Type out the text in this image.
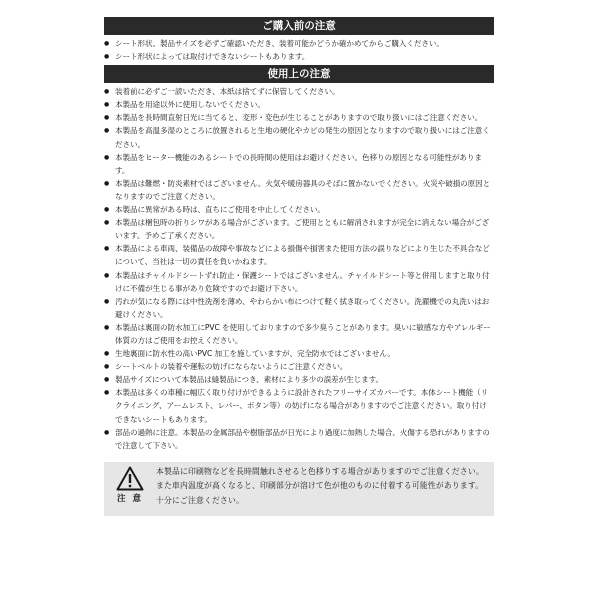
ご購入前の注意
● シート形状、製品サイズを必ずご確認いただき、装着可能かどうか確かめてからご購入ください。
● シート形状によっては取付けできないシートもあります。
使用上の注意
● 装着前に必ずご一読いただき、本紙は捨てずに保管してください。
● 本製品を用途以外に使用しないでください。
● 本製品を長時間直射日光に当てると、変形・変色が生じることがありますので取り扱いにはご注意ください。
● 本製品を高温多湿のところに放置されると生地の硬化やカビの発生の原因となりますので取り扱いにはご注意ください。
● 本製品をヒーター機能のあるシートでの長時間の使用はお避けください。色移りの原因となる可能性があります。
● 本製品は難燃・防炎素材ではございません。火気や暖房器具のそばに置かないでください。火災や破損の原因となりますのでご注意ください。
● 本製品に異常がある時は、直ちにご使用を中止してください。
● 本製品は梱包時の折りシワがある場合がございます。ご使用とともに解消されますが完全に消えない場合がございます。予めご了承ください。
● 本製品による車両、装備品の故障や事故などによる損傷や損害また使用方法の誤りなどにより生じた不具合などについて、当社は一切の責任を負いかねます。
● 本製品はチャイルドシートずれ防止・保護シートではございません。チャイルドシート等と併用しますと取り付けに不備が生じる事があり危険ですのでお避け下さい。
● 汚れが気になる際には中性洗剤を薄め、やわらかい布につけて軽く拭き取ってください。洗濯機での丸洗いはお避けください。
● 本製品は裏面の防水加工にPVC を使用しておりますので多少臭うことがあります。臭いに敏感な方やアレルギー体質の方はご使用をお控えください。
● 生地裏面に防水性の高いPVC 加工を施していますが、完全防水ではございません。
● シートベルトの装着や運転の妨げにならないようにご注意ください。
● 製品サイズについて本製品は縫製品につき、素材により多少の誤差が生じます。
● 本製品は多くの車種に幅広く取り付けができるように設計されたフリーサイズカバーです。本体シート機能（リクライニング、アームレスト、レバー、ボタン等）の妨げになる場合がありますのでご注意ください。取り付けできないシートもあります。
● 部品の過熱に注意。本製品の金属部品や樹脂部品が日光により過度に加熱した場合、火傷する恐れがありますので注意して下さい。
注 意
本製品に印刷物などを長時間触れさせると色移りする場合がありますのでご注意ください。また車内温度が高くなると、印刷部分が溶けて色が他のものに付着する可能性があります。十分にご注意ください。
